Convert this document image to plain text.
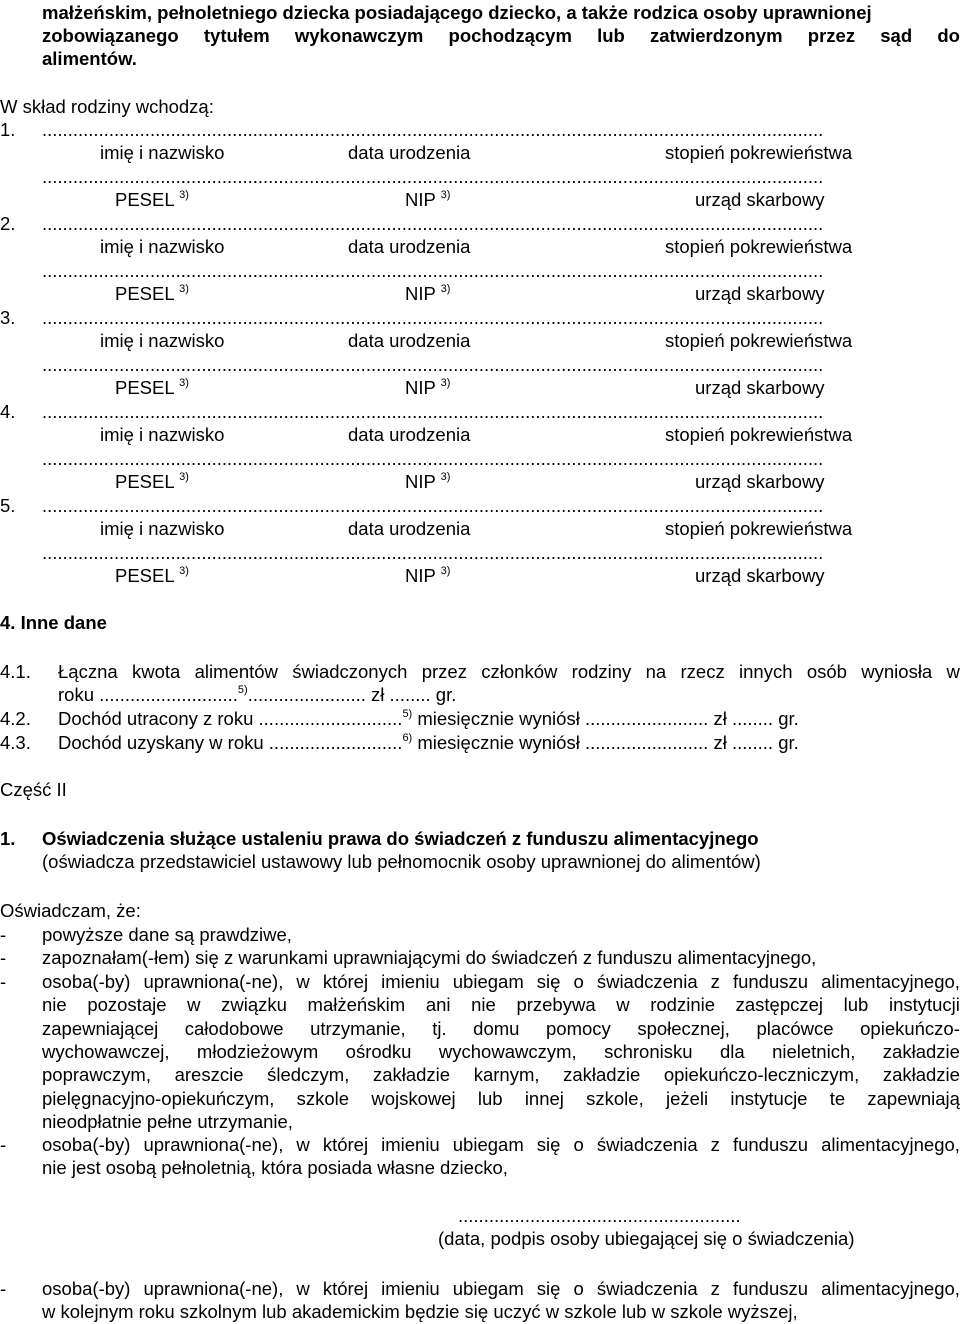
małżeńskim, pełnoletniego dziecka posiadającego dziecko, a także rodzica osoby uprawnionej
zobowiązanego tytułem wykonawczym pochodzącym lub zatwierdzonym przez sąd do
alimentów.
W skład rodziny wchodzą:
1. ........................................................................................................................................................
imię i nazwisko	data urodzenia	stopień pokrewieństwa
........................................................................................................................................................
PESEL $^{3)}$	NIP $^{3)}$	urząd skarbowy
2. ........................................................................................................................................................
imię i nazwisko	data urodzenia	stopień pokrewieństwa
........................................................................................................................................................
PESEL $^{3)}$	NIP $^{3)}$	urząd skarbowy
3. ........................................................................................................................................................
imię i nazwisko	data urodzenia	stopień pokrewieństwa
........................................................................................................................................................
PESEL $^{3)}$	NIP $^{3)}$	urząd skarbowy
4. ........................................................................................................................................................
imię i nazwisko	data urodzenia	stopień pokrewieństwa
........................................................................................................................................................
PESEL $^{3)}$	NIP $^{3)}$	urząd skarbowy
5. ........................................................................................................................................................
imię i nazwisko	data urodzenia	stopień pokrewieństwa
........................................................................................................................................................
PESEL $^{3)}$	NIP $^{3)}$	urząd skarbowy
4. Inne dane
4.1. Łączna kwota alimentów świadczonych przez członków rodziny na rzecz innych osób wyniosła w
roku ...........................$^{5)}$....................... zł ........ gr.
4.2. Dochód utracony z roku ............................$^{5)}$ miesięcznie wyniósł ........................ zł ........ gr.
4.3. Dochód uzyskany w roku ..........................$^{6)}$ miesięcznie wyniósł ........................ zł ........ gr.
Część II
1. Oświadczenia służące ustaleniu prawa do świadczeń z funduszu alimentacyjnego
(oświadcza przedstawiciel ustawowy lub pełnomocnik osoby uprawnionej do alimentów)
Oświadczam, że:
- powyższe dane są prawdziwe,
- zapoznałam(-łem) się z warunkami uprawniającymi do świadczeń z funduszu alimentacyjnego,
- osoba(-by) uprawniona(-ne), w której imieniu ubiegam się o świadczenia z funduszu alimentacyjnego,
nie pozostaje w związku małżeńskim ani nie przebywa w rodzinie zastępczej lub instytucji
zapewniającej całodobowe utrzymanie, tj. domu pomocy społecznej, placówce opiekuńczo-
wychowawczej, młodzieżowym ośrodku wychowawczym, schronisku dla nieletnich, zakładzie
poprawczym, areszcie śledczym, zakładzie karnym, zakładzie opiekuńczo-leczniczym, zakładzie
pielęgnacyjno-opiekuńczym, szkole wojskowej lub innej szkole, jeżeli instytucje te zapewniają
nieodpłatnie pełne utrzymanie,
- osoba(-by) uprawniona(-ne), w której imieniu ubiegam się o świadczenia z funduszu alimentacyjnego,
nie jest osobą pełnoletnią, która posiada własne dziecko,
.......................................................
(data, podpis osoby ubiegającej się o świadczenia)
- osoba(-by) uprawniona(-ne), w której imieniu ubiegam się o świadczenia z funduszu alimentacyjnego,
w kolejnym roku szkolnym lub akademickim będzie się uczyć w szkole lub w szkole wyższej,
